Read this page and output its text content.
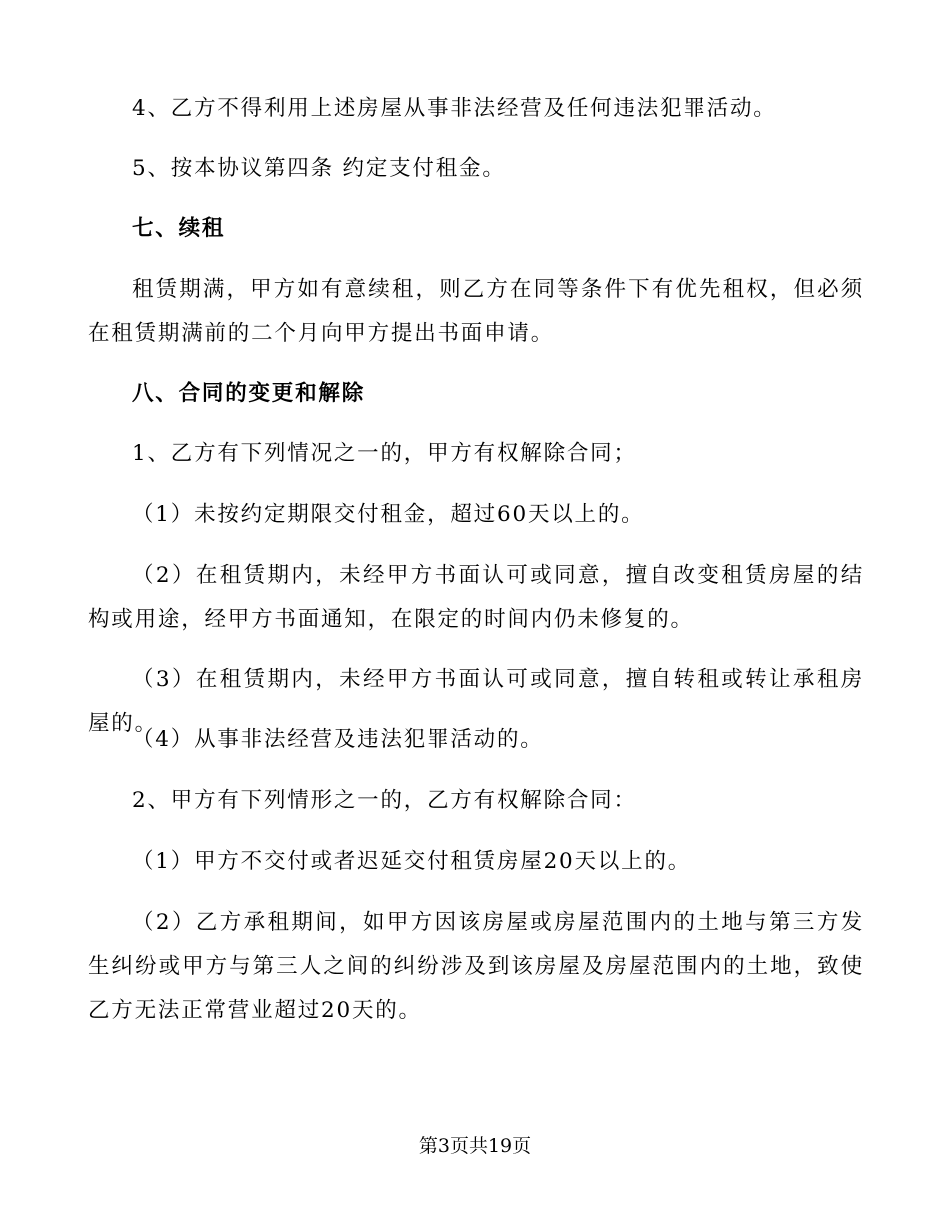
4、乙方不得利用上述房屋从事非法经营及任何违法犯罪活动。

5、按本协议第四条 约定支付租金。

七、续租

租赁期满，甲方如有意续租，则乙方在同等条件下有优先租权，但必须在租赁期满前的二个月向甲方提出书面申请。

八、合同的变更和解除

1、乙方有下列情况之一的，甲方有权解除合同；

（1）未按约定期限交付租金，超过60天以上的。

（2）在租赁期内，未经甲方书面认可或同意，擅自改变租赁房屋的结构或用途，经甲方书面通知，在限定的时间内仍未修复的。

（3）在租赁期内，未经甲方书面认可或同意，擅自转租或转让承租房屋的。

（4）从事非法经营及违法犯罪活动的。

2、甲方有下列情形之一的，乙方有权解除合同：

（1）甲方不交付或者迟延交付租赁房屋20天以上的。

（2）乙方承租期间，如甲方因该房屋或房屋范围内的土地与第三方发生纠纷或甲方与第三人之间的纠纷涉及到该房屋及房屋范围内的土地，致使乙方无法正常营业超过20天的。

第3页共19页
